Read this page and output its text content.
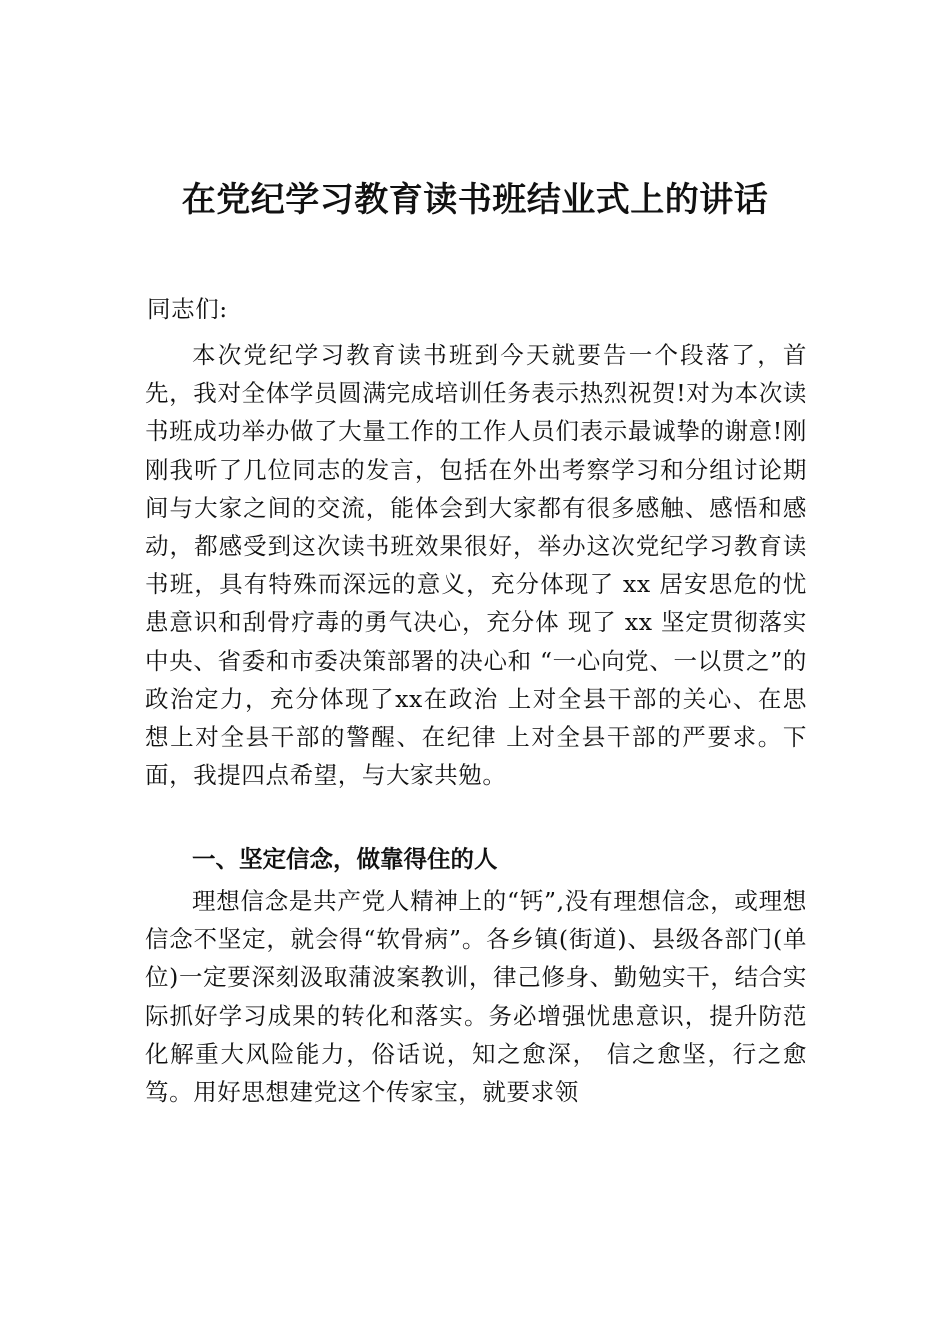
在党纪学习教育读书班结业式上的讲话

同志们:

本次党纪学习教育读书班到今天就要告一个段落了，首先，我对全体学员圆满完成培训任务表示热烈祝贺!对为本次读书班成功举办做了大量工作的工作人员们表示最诚挚的谢意!刚刚我听了几位同志的发言，包括在外出考察学习和分组讨论期间与大家之间的交流，能体会到大家都有很多感触、感悟和感动，都感受到这次读书班效果很好，举办这次党纪学习教育读书班，具有特殊而深远的意义，充分体现了 xx 居安思危的忧患意识和刮骨疗毒的勇气决心，充分体 现了 xx 坚定贯彻落实中央、省委和市委决策部署的决心和 “一心向党、一以贯之”的政治定力，充分体现了xx在政治 上对全县干部的关心、在思想上对全县干部的警醒、在纪律 上对全县干部的严要求。下面，我提四点希望，与大家共勉。

一、坚定信念，做靠得住的人

理想信念是共产党人精神上的“钙”,没有理想信念，或理想信念不坚定，就会得“软骨病”。各乡镇(街道)、县级各部门(单位)一定要深刻汲取蒲波案教训，律己修身、勤勉实干，结合实际抓好学习成果的转化和落实。务必增强忧患意识，提升防范化解重大风险能力，俗话说，知之愈深， 信之愈坚，行之愈笃。用好思想建党这个传家宝，就要求领
